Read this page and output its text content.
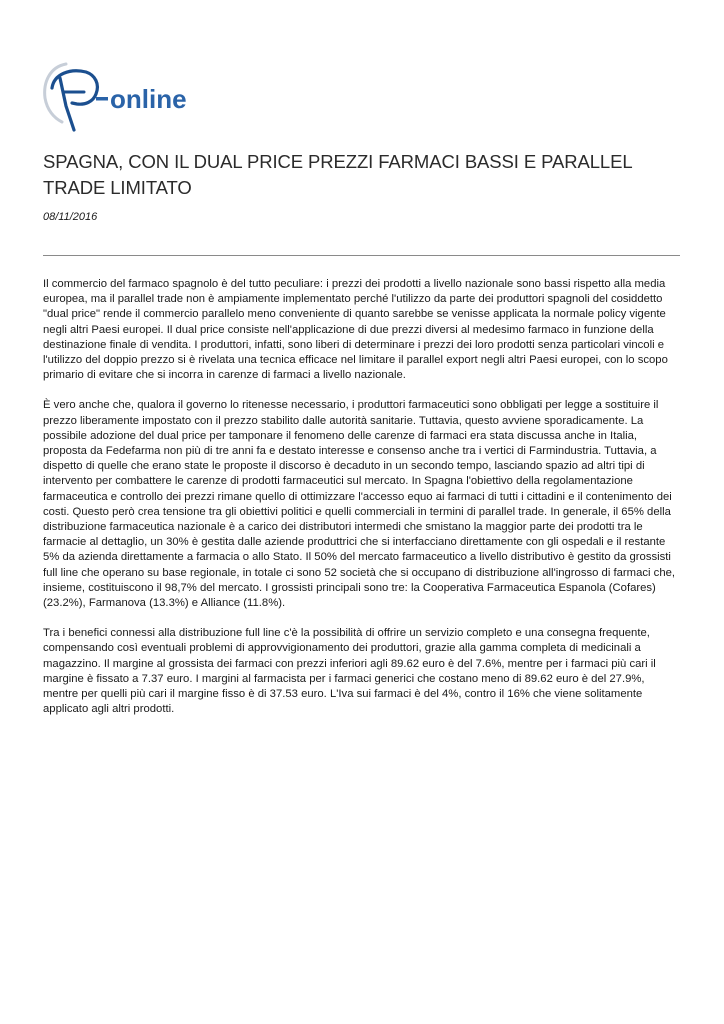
online
SPAGNA, CON IL DUAL PRICE PREZZI FARMACI BASSI E PARALLEL TRADE LIMITATO
08/11/2016

Il commercio del farmaco spagnolo è del tutto peculiare: i prezzi dei prodotti a livello nazionale sono bassi rispetto alla media europea, ma il parallel trade non è ampiamente implementato perché l'utilizzo da parte dei produttori spagnoli del cosiddetto "dual price" rende il commercio parallelo meno conveniente di quanto sarebbe se venisse applicata la normale policy vigente negli altri Paesi europei. Il dual price consiste nell'applicazione di due prezzi diversi al medesimo farmaco in funzione della destinazione finale di vendita. I produttori, infatti, sono liberi di determinare i prezzi dei loro prodotti senza particolari vincoli e l'utilizzo del doppio prezzo si è rivelata una tecnica efficace nel limitare il parallel export negli altri Paesi europei, con lo scopo primario di evitare che si incorra in carenze di farmaci a livello nazionale.

È vero anche che, qualora il governo lo ritenesse necessario, i produttori farmaceutici sono obbligati per legge a sostituire il prezzo liberamente impostato con il prezzo stabilito dalle autorità sanitarie. Tuttavia, questo avviene sporadicamente. La possibile adozione del dual price per tamponare il fenomeno delle carenze di farmaci era stata discussa anche in Italia, proposta da Fedefarma non più di tre anni fa e destato interesse e consenso anche tra i vertici di Farmindustria. Tuttavia, a dispetto di quelle che erano state le proposte il discorso è decaduto in un secondo tempo, lasciando spazio ad altri tipi di intervento per combattere le carenze di prodotti farmaceutici sul mercato. In Spagna l'obiettivo della regolamentazione farmaceutica e controllo dei prezzi rimane quello di ottimizzare l'accesso equo ai farmaci di tutti i cittadini e il contenimento dei costi. Questo però crea tensione tra gli obiettivi politici e quelli commerciali in termini di parallel trade. In generale, il 65% della distribuzione farmaceutica nazionale è a carico dei distributori intermedi che smistano la maggior parte dei prodotti tra le farmacie al dettaglio, un 30% è gestita dalle aziende produttrici che si interfacciano direttamente con gli ospedali e il restante 5% da azienda direttamente a farmacia o allo Stato. Il 50% del mercato farmaceutico a livello distributivo è gestito da grossisti full line che operano su base regionale, in totale ci sono 52 società che si occupano di distribuzione all'ingrosso di farmaci che, insieme, costituiscono il 98,7% del mercato. I grossisti principali sono tre: la Cooperativa Farmaceutica Espanola (Cofares) (23.2%), Farmanova (13.3%) e Alliance (11.8%).

Tra i benefici connessi alla distribuzione full line c'è la possibilità di offrire un servizio completo e una consegna frequente, compensando così eventuali problemi di approvvigionamento dei produttori, grazie alla gamma completa di medicinali a magazzino. Il margine al grossista dei farmaci con prezzi inferiori agli 89.62 euro è del 7.6%, mentre per i farmaci più cari il margine è fissato a 7.37 euro. I margini al farmacista per i farmaci generici che costano meno di 89.62 euro è del 27.9%, mentre per quelli più cari il margine fisso è di 37.53 euro. L'Iva sui farmaci è del 4%, contro il 16% che viene solitamente applicato agli altri prodotti.
